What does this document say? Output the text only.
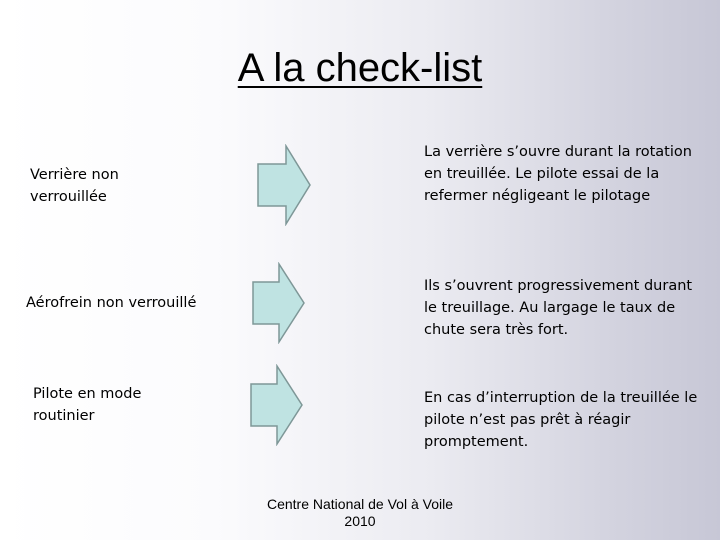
A la check-list
Verrière non verrouillée
La verrière s’ouvre durant la rotation en treuillée. Le pilote essai de la refermer négligeant le pilotage
Aérofrein non verrouillé
Ils s’ouvrent progressivement durant le treuillage. Au largage le taux de chute sera très fort.
Pilote en mode routinier
En cas d’interruption de la treuillée le pilote n’est pas prêt à réagir promptement.
Centre National de Vol à Voile
2010
